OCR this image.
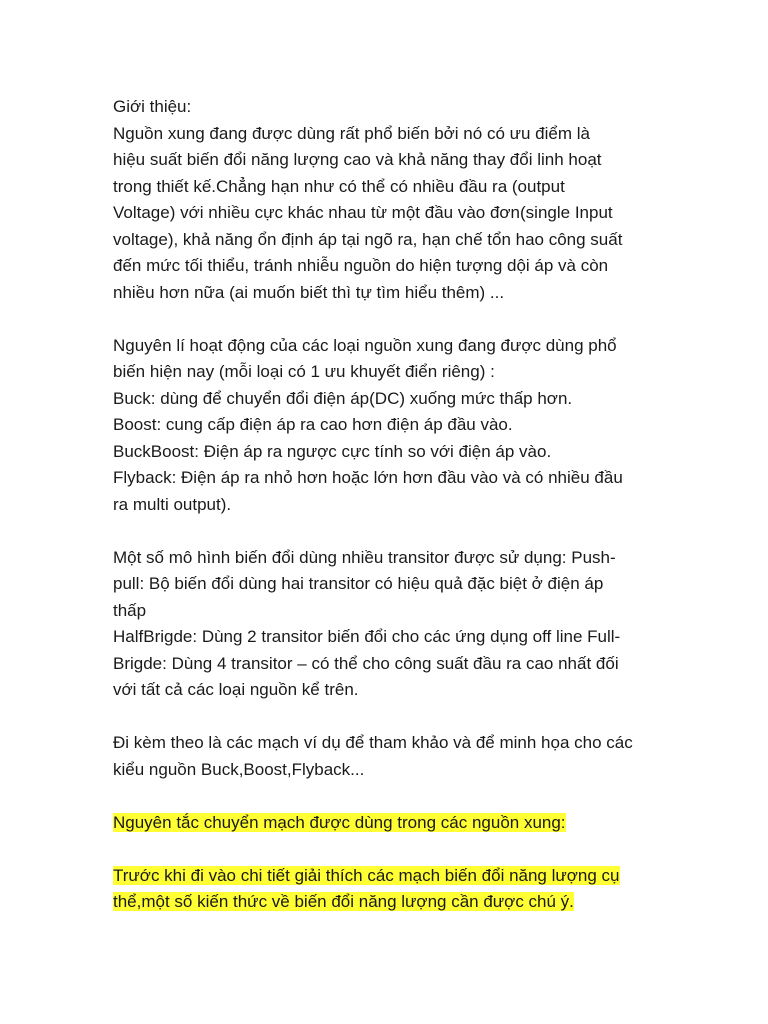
Giới thiệu:
Nguồn xung đang được dùng rất phổ biến bởi nó có ưu điểm là
hiệu suất biến đổi năng lượng cao và khả năng thay đổi linh hoạt
trong thiết kế.Chẳng hạn như có thể có nhiều đầu ra (output
Voltage) với nhiều cực khác nhau từ một đầu vào đơn(single Input
voltage), khả năng ổn định áp tại ngõ ra, hạn chế tổn hao công suất
đến mức tối thiểu, tránh nhiễu nguồn do hiện tượng dội áp và còn
nhiều hơn nữa (ai muốn biết thì tự tìm hiểu thêm) ...
Nguyên lí hoạt động của các loại nguồn xung đang được dùng phổ
biến hiện nay (mỗi loại có 1 ưu khuyết điển riêng) :
Buck: dùng để chuyển đổi điện áp(DC) xuống mức thấp hơn.
Boost: cung cấp điện áp ra cao hơn điện áp đầu vào.
BuckBoost: Điện áp ra ngược cực tính so với điện áp vào.
Flyback: Điện áp ra nhỏ hơn hoặc lớn hơn đầu vào và có nhiều đầu
ra multi output).
Một số mô hình biến đổi dùng nhiều transitor được sử dụng: Push-
pull: Bộ biến đổi dùng hai transitor có hiệu quả đặc biệt ở điện áp
thấp
HalfBrigde: Dùng 2 transitor biến đổi cho các ứng dụng off line Full-
Brigde: Dùng 4 transitor – có thể cho công suất đầu ra cao nhất đối
với tất cả các loại nguồn kể trên.
Đi kèm theo là các mạch ví dụ để tham khảo và để minh họa cho các
kiểu nguồn Buck,Boost,Flyback...
Nguyên tắc chuyển mạch được dùng trong các nguồn xung:
Trước khi đi vào chi tiết giải thích các mạch biến đổi năng lượng cụ
thể,một số kiến thức về biến đổi năng lượng cần được chú ý.
